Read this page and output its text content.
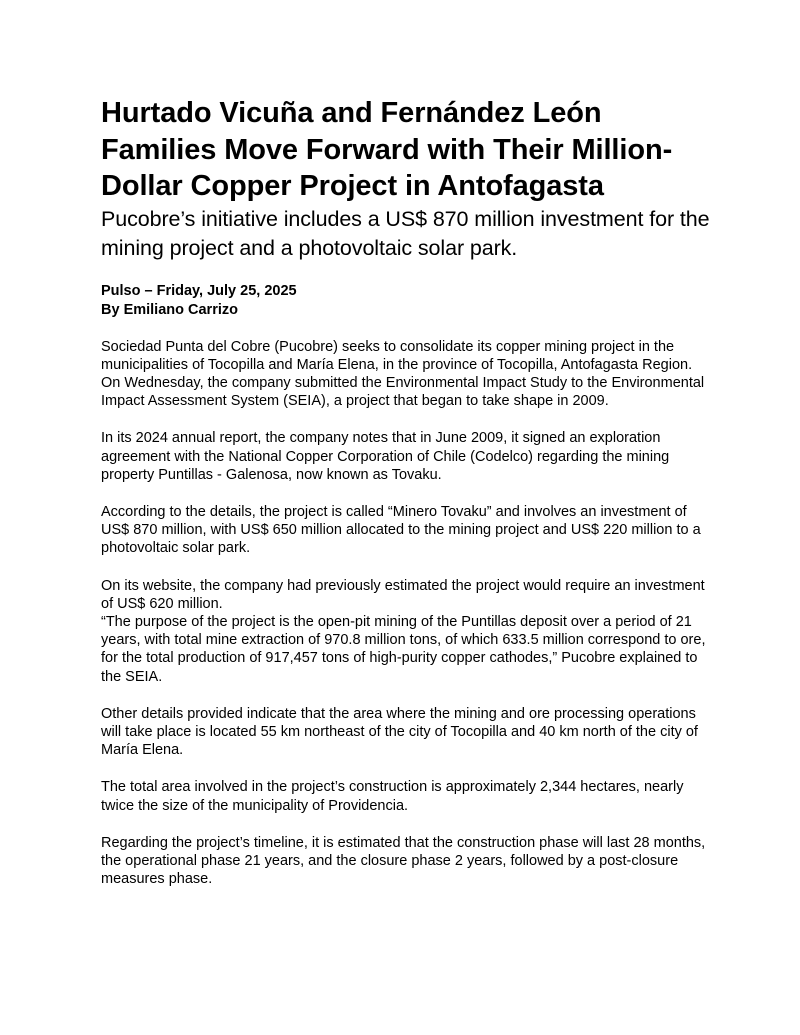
Hurtado Vicuña and Fernández León Families Move Forward with Their Million-Dollar Copper Project in Antofagasta
Pucobre’s initiative includes a US$ 870 million investment for the mining project and a photovoltaic solar park.
Pulso – Friday, July 25, 2025
By Emiliano Carrizo

Sociedad Punta del Cobre (Pucobre) seeks to consolidate its copper mining project in the municipalities of Tocopilla and María Elena, in the province of Tocopilla, Antofagasta Region. On Wednesday, the company submitted the Environmental Impact Study to the Environmental Impact Assessment System (SEIA), a project that began to take shape in 2009.

In its 2024 annual report, the company notes that in June 2009, it signed an exploration agreement with the National Copper Corporation of Chile (Codelco) regarding the mining property Puntillas - Galenosa, now known as Tovaku.

According to the details, the project is called “Minero Tovaku” and involves an investment of US$ 870 million, with US$ 650 million allocated to the mining project and US$ 220 million to a photovoltaic solar park.

On its website, the company had previously estimated the project would require an investment of US$ 620 million.
“The purpose of the project is the open-pit mining of the Puntillas deposit over a period of 21 years, with total mine extraction of 970.8 million tons, of which 633.5 million correspond to ore, for the total production of 917,457 tons of high-purity copper cathodes,” Pucobre explained to the SEIA.

Other details provided indicate that the area where the mining and ore processing operations will take place is located 55 km northeast of the city of Tocopilla and 40 km north of the city of María Elena.

The total area involved in the project’s construction is approximately 2,344 hectares, nearly twice the size of the municipality of Providencia.

Regarding the project’s timeline, it is estimated that the construction phase will last 28 months, the operational phase 21 years, and the closure phase 2 years, followed by a post-closure measures phase.
